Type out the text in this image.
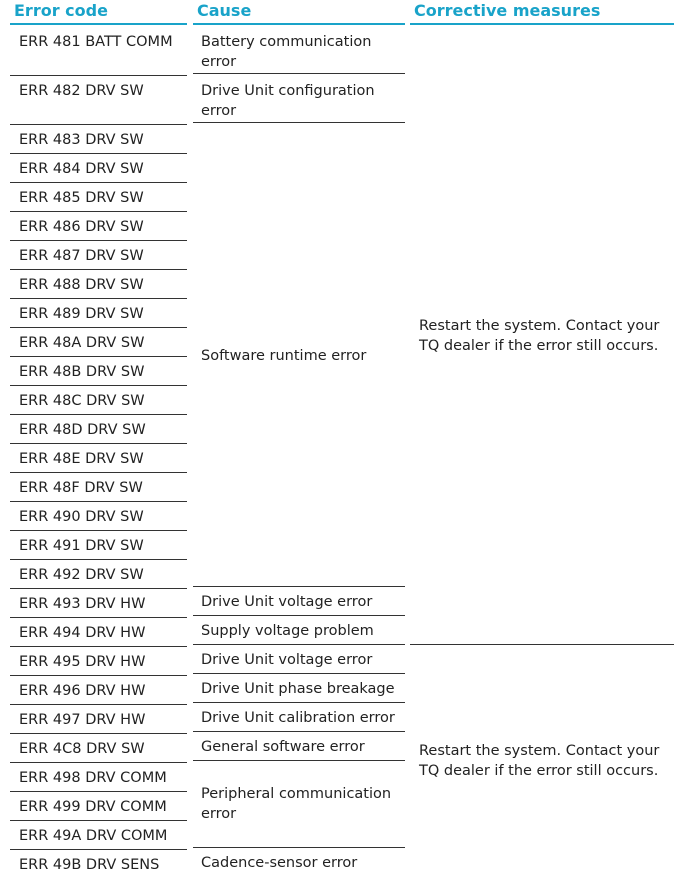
Error code	Cause	Corrective measures
ERR 481 BATT COMM
ERR 482 DRV SW
ERR 483 DRV SW
ERR 484 DRV SW
ERR 485 DRV SW
ERR 486 DRV SW
ERR 487 DRV SW
ERR 488 DRV SW
ERR 489 DRV SW
ERR 48A DRV SW
ERR 48B DRV SW
ERR 48C DRV SW
ERR 48D DRV SW
ERR 48E DRV SW
ERR 48F DRV SW
ERR 490 DRV SW
ERR 491 DRV SW
ERR 492 DRV SW
ERR 493 DRV HW
ERR 494 DRV HW
ERR 495 DRV HW
ERR 496 DRV HW
ERR 497 DRV HW
ERR 4C8 DRV SW
ERR 498 DRV COMM
ERR 499 DRV COMM
ERR 49A DRV COMM
ERR 49B DRV SENS
Battery communication error
Drive Unit configuration error
Software runtime error
Drive Unit voltage error
Supply voltage problem
Drive Unit voltage error
Drive Unit phase breakage
Drive Unit calibration error
General software error
Peripheral communication error
Cadence-sensor error
Restart the system. Contact your TQ dealer if the error still occurs.
Restart the system. Contact your TQ dealer if the error still occurs.
